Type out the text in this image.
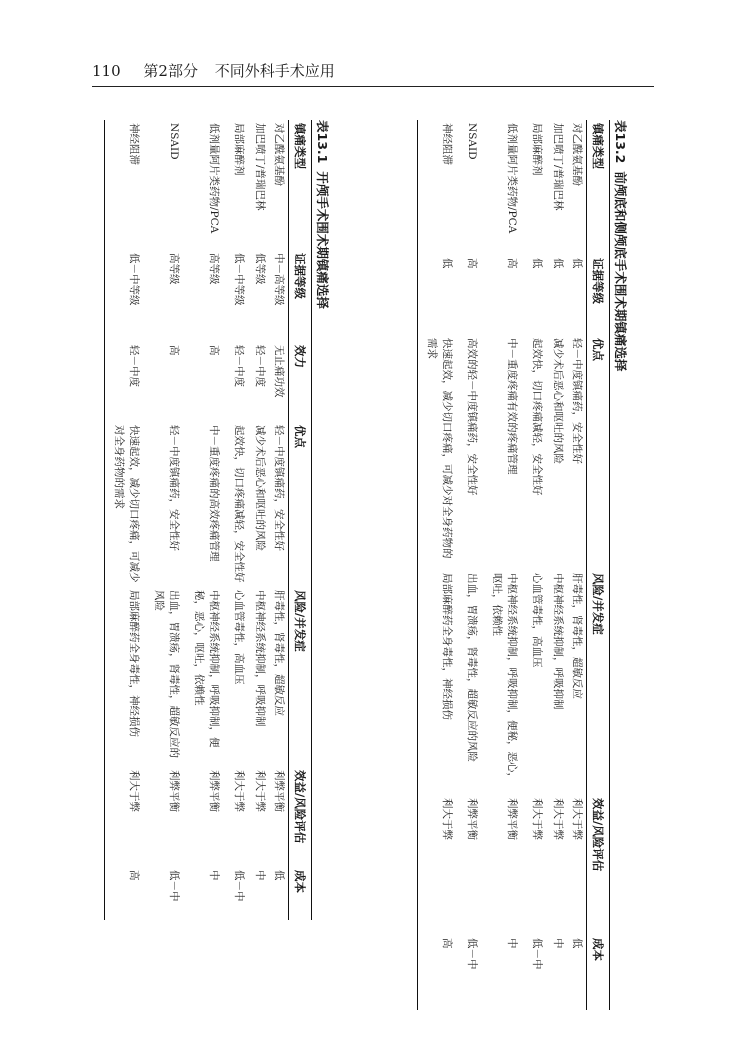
110 第2部分 不同外科手术应用
表13.1开颅手术围术期镇痛选择
镇痛类型	证据等级	效力	优点	风险/并发症	效益/风险评估	成本
对乙酰氨基酚	中－高等级	无止痛功效	轻－中度镇痛药，安全性好	肝毒性，肾毒性，超敏反应	利弊平衡	低
加巴喷丁/普瑞巴林	低等级	轻－中度	减少术后恶心和呕吐的风险	中枢神经系统抑制，呼吸抑制	利大于弊	中
局部麻醉剂	低－中等级	轻－中度	起效快，切口疼痛减轻，安全性好	心血管毒性，高血压	利大于弊	低－中
低剂量阿片类药物/PCA	高等级	高	中－重度疼痛的高效疼痛管理	中枢神经系统抑制，呼吸抑制，便秘，恶心，呕吐，依赖性	利弊平衡	中
NSAID	高等级	高	轻－中度镇痛药，安全性好	出血，胃溃疡，肾毒性，超敏反应的风险	利弊平衡	低－中
神经阻滞	低－中等级	轻－中度	快速起效，减少切口疼痛，可减少对全身药物的需求	局部麻醉药全身毒性，神经损伤	利大于弊	高
表13.2前颅底和侧颅底手术围术期镇痛选择
镇痛类型	证据等级	优点	风险/并发症	效益/风险评估	成本
对乙酰氨基酚	低	轻－中度镇痛药，安全性好	肝毒性，肾毒性，超敏反应	利大于弊	低
加巴喷丁/普瑞巴林	低	减少术后恶心和呕吐的风险	中枢神经系统抑制，呼吸抑制	利大于弊	中
局部麻醉剂	低	起效快，切口疼痛减轻，安全性好	心血管毒性，高血压	利大于弊	低－中
低剂量阿片类药物/PCA	高	中－重度疼痛有效的疼痛管理	中枢神经系统抑制，呼吸抑制，便秘，恶心，呕吐，依赖性	利弊平衡	中
NSAID	高	高效的轻－中度镇痛药，安全性好	出血，胃溃疡，肾毒性，超敏反应的风险	利弊平衡	低－中
神经阻滞	低	快速起效，减少切口疼痛，可减少对全身药物的需求	局部麻醉药全身毒性，神经损伤	利大于弊	高
